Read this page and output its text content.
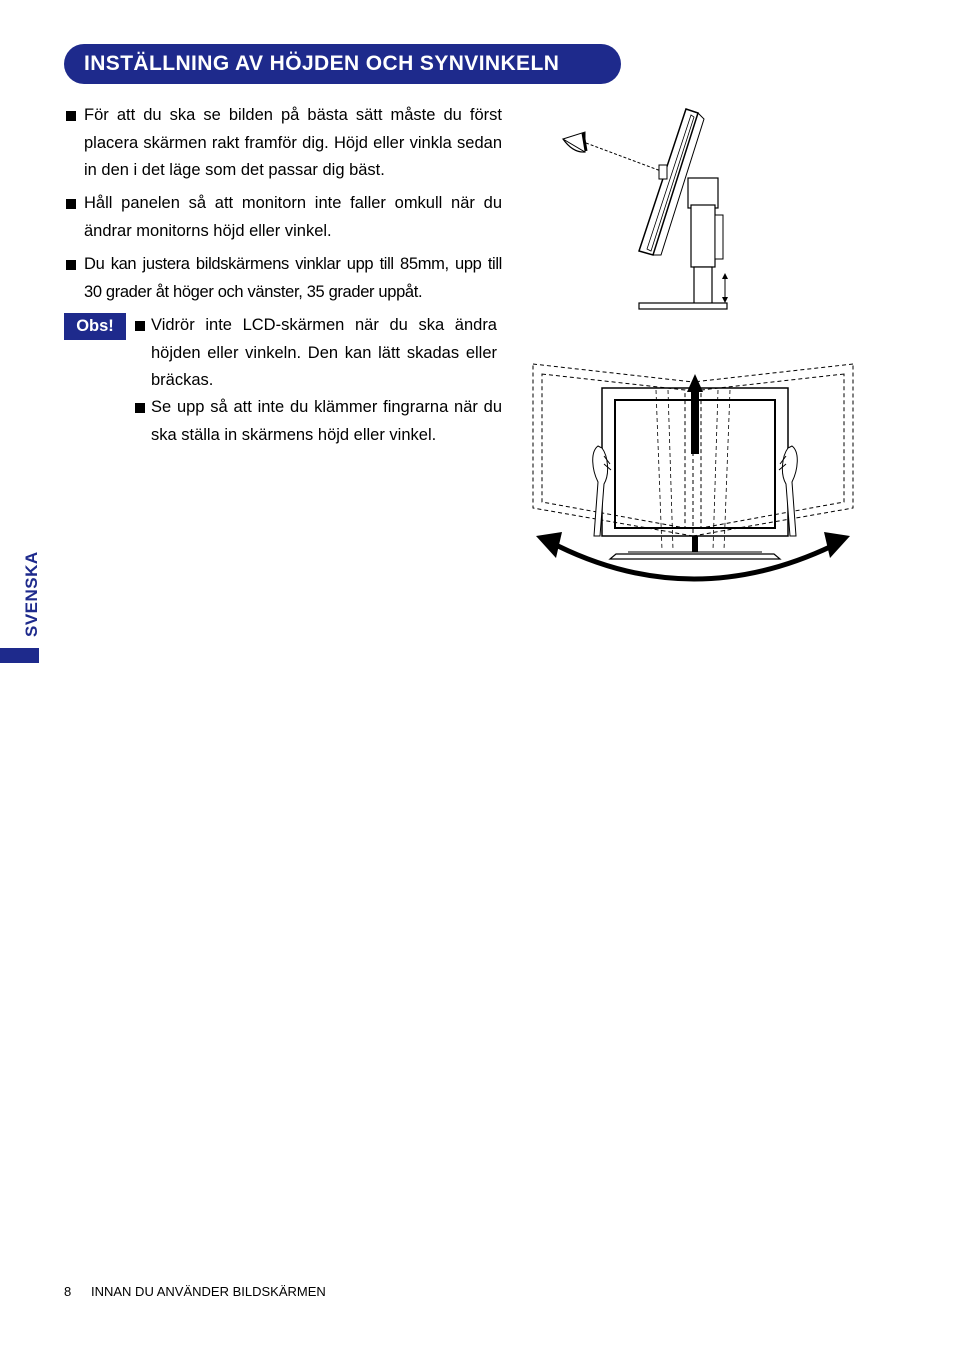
INSTÄLLNING AV HÖJDEN OCH SYNVINKELN
För att du ska se bilden på bästa sätt måste du först placera skärmen rakt framför dig. Höjd eller vinkla sedan in den i det läge som det passar dig bäst.
Håll panelen så att monitorn inte faller omkull när du ändrar monitorns höjd eller vinkel.
Du kan justera bildskärmens vinklar upp till 85mm, upp till 30 grader åt höger och vänster, 35 grader uppåt.
Obs!	Vidrör inte LCD-skärmen när du ska ändra höjden eller vinkeln. Den kan lätt skadas eller bräckas.
Se upp så att inte du klämmer fingrarna när du ska ställa in skärmens höjd eller vinkel.
SVENSKA
8 INNAN DU ANVÄNDER BILDSKÄRMEN
